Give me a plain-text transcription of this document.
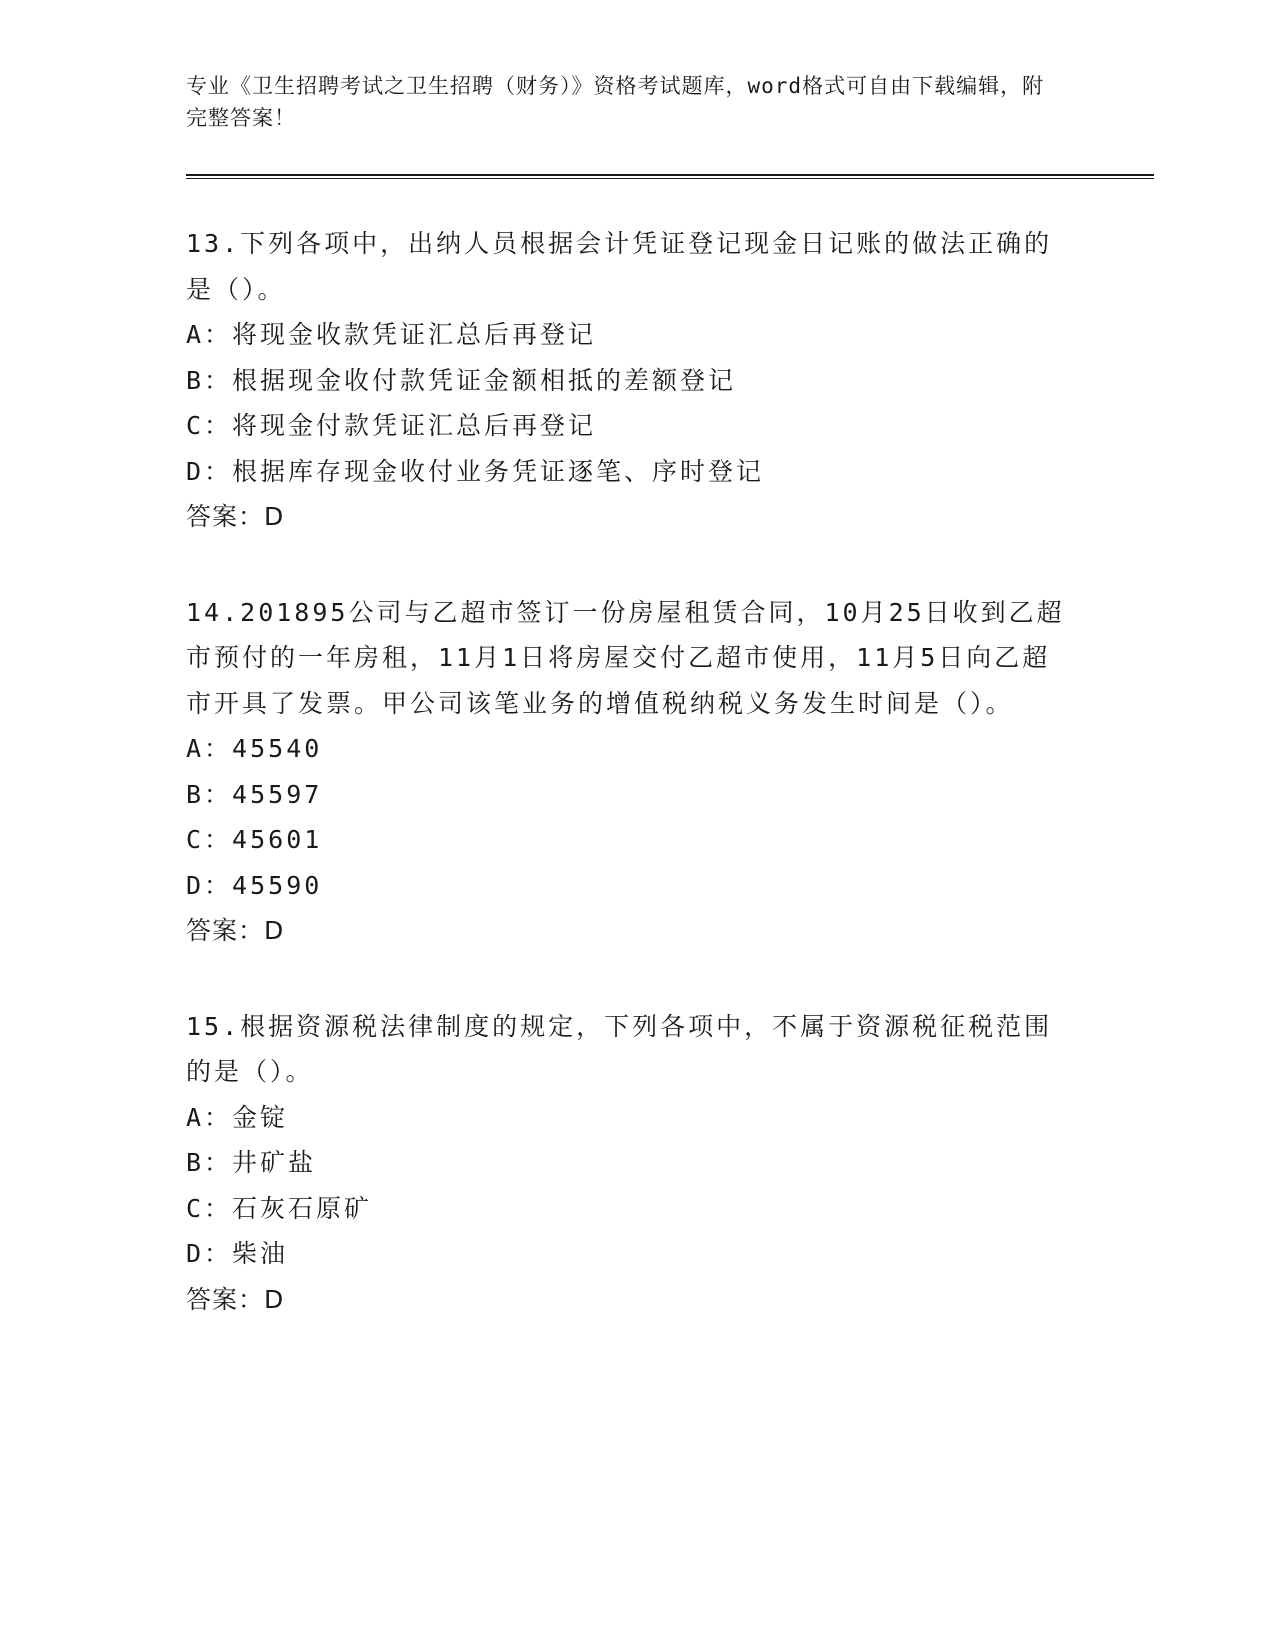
专业《卫生招聘考试之卫生招聘（财务）》资格考试题库，word格式可自由下载编辑，附完整答案！
13.下列各项中，出纳人员根据会计凭证登记现金日记账的做法正确的是（）。
A：将现金收款凭证汇总后再登记
B：根据现金收付款凭证金额相抵的差额登记
C：将现金付款凭证汇总后再登记
D：根据库存现金收付业务凭证逐笔、序时登记
答案：D
14.201895公司与乙超市签订一份房屋租赁合同，10月25日收到乙超市预付的一年房租，11月1日将房屋交付乙超市使用，11月5日向乙超市开具了发票。甲公司该笔业务的增值税纳税义务发生时间是（）。
A：45540
B：45597
C：45601
D：45590
答案：D
15.根据资源税法律制度的规定，下列各项中，不属于资源税征税范围的是（）。
A：金锭
B：井矿盐
C：石灰石原矿
D：柴油
答案：D
